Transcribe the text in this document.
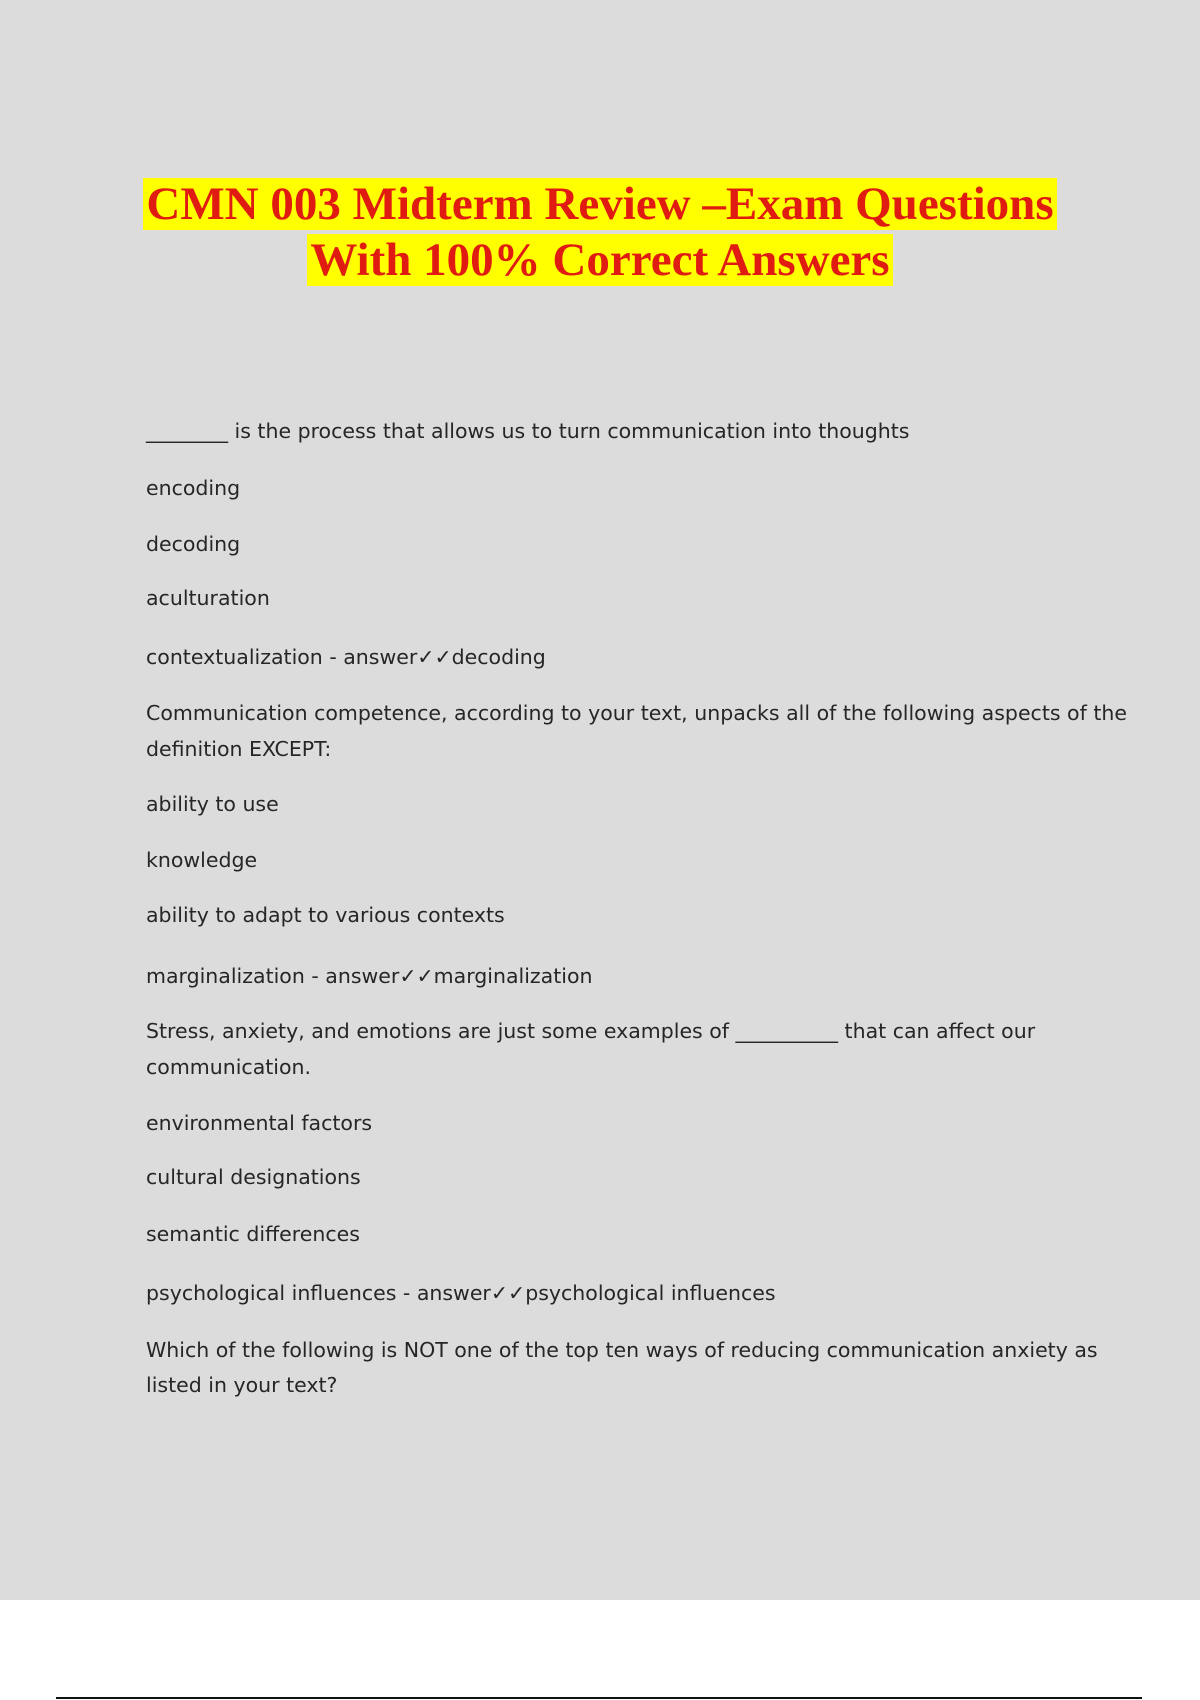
CMN 003 Midterm Review –Exam Questions
With 100% Correct Answers
________ is the process that allows us to turn communication into thoughts
encoding
decoding
aculturation
contextualization - answer✓✓decoding
Communication competence, according to your text, unpacks all of the following aspects of the
definition EXCEPT:
ability to use
knowledge
ability to adapt to various contexts
marginalization - answer✓✓marginalization
Stress, anxiety, and emotions are just some examples of __________ that can affect our
communication.
environmental factors
cultural designations
semantic differences
psychological influences - answer✓✓psychological influences
Which of the following is NOT one of the top ten ways of reducing communication anxiety as
listed in your text?
